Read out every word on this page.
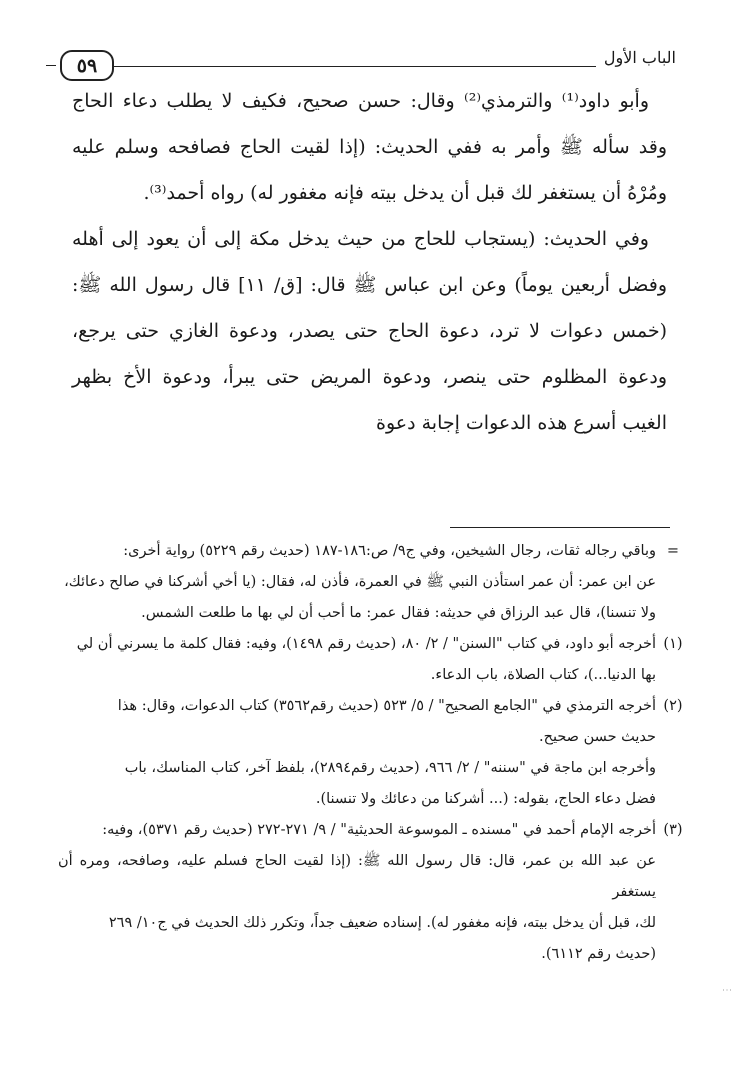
الباب الأول
٥٩

وأبو داود⁽¹⁾ والترمذي⁽²⁾ وقال: حسن صحيح، فكيف لا يطلب دعاء الحاج وقد سأله ﷺ وأمر به ففي الحديث: (إذا لقيت الحاج فصافحه وسلم عليه ومُرْهُ أن يستغفر لك قبل أن يدخل بيته فإنه مغفور له) رواه أحمد⁽³⁾.

وفي الحديث: (يستجاب للحاج من حيث يدخل مكة إلى أن يعود إلى أهله وفضل أربعين يوماً) وعن ابن عباس ﷺ قال: [ق/ ١١] قال رسول الله ﷺ: (خمس دعوات لا ترد، دعوة الحاج حتى يصدر، ودعوة الغازي حتى يرجع، ودعوة المظلوم حتى ينصر، ودعوة المريض حتى يبرأ، ودعوة الأخ بظهر الغيب أسرع هذه الدعوات إجابة دعوة

=

وباقي رجاله ثقات، رجال الشيخين، وفي ج٩/ ص:١٨٦-١٨٧ (حديث رقم ٥٢٢٩) رواية أخرى:

عن ابن عمر: أن عمر استأذن النبي ﷺ في العمرة، فأذن له، فقال: (يا أخي أشركنا في صالح دعائك،

ولا تنسنا)، قال عبد الرزاق في حديثه: فقال عمر: ما أحب أن لي بها ما طلعت الشمس.

(١)

أخرجه أبو داود، في كتاب "السنن" / ٢/ ٨٠، (حديث رقم ١٤٩٨)، وفيه: فقال كلمة ما يسرني أن لي

بها الدنيا...)، كتاب الصلاة، باب الدعاء.

(٢)

أخرجه الترمذي في "الجامع الصحيح" / ٥/ ٥٢٣ (حديث رقم٣٥٦٢) كتاب الدعوات، وقال: هذا

حديث حسن صحيح.

وأخرجه ابن ماجة في "سننه" / ٢/ ٩٦٦، (حديث رقم٢٨٩٤)، بلفظ آخر، كتاب المناسك، باب

فضل دعاء الحاج، بقوله: (... أشركنا من دعائك ولا تنسنا).

(٣)

أخرجه الإمام أحمد في "مسنده ـ الموسوعة الحديثية" / ٩/ ٢٧١-٢٧٢ (حديث رقم ٥٣٧١)، وفيه:

عن عبد الله بن عمر، قال: قال رسول الله ﷺ: (إذا لقيت الحاج فسلم عليه، وصافحه، ومره أن يستغفر

لك، قبل أن يدخل بيته، فإنه مغفور له). إسناده ضعيف جداً، وتكرر ذلك الحديث في ج١٠/ ٢٦٩

(حديث رقم ٦١١٢).

⋮
